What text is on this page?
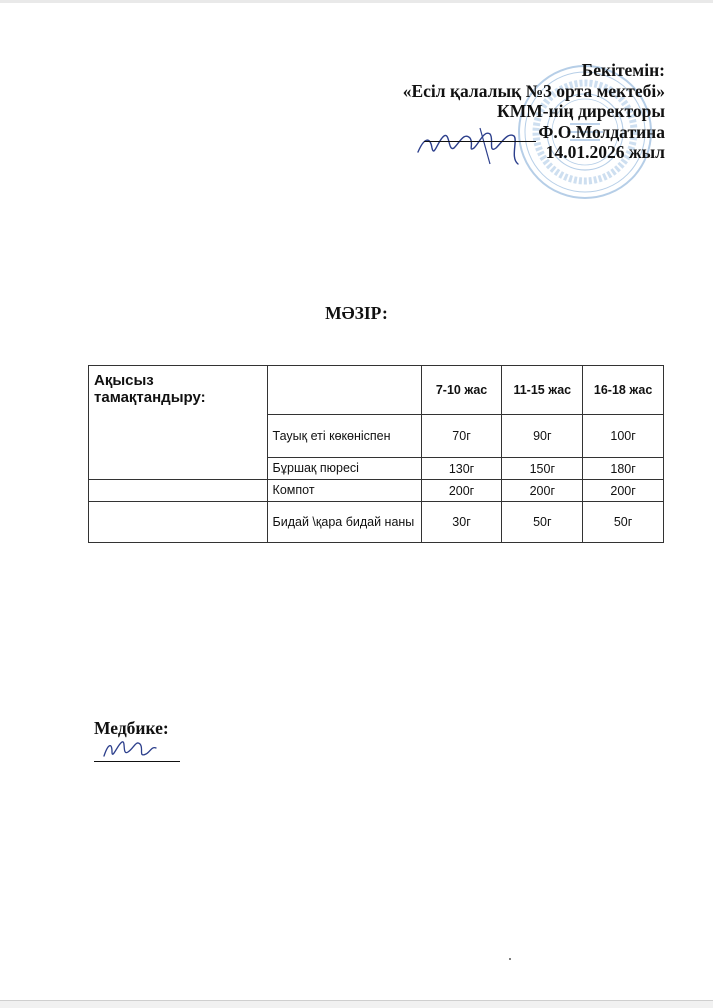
Бекітемін:
«Есіл қалалық №3 орта мектебі»
КММ-нің директоры
Ф.О.Молдатина
14.01.2026 жыл
МӘЗІР:
Ақысыз тамақтандыру:		7-10 жас	11-15 жас	16-18 жас
	Тауық еті көкөніспен	70г	90г	100г
	Бұршақ пюресі	130г	150г	180г
	Компот	200г	200г	200г
	Бидай \қара бидай наны	30г	50г	50г
Медбике:
